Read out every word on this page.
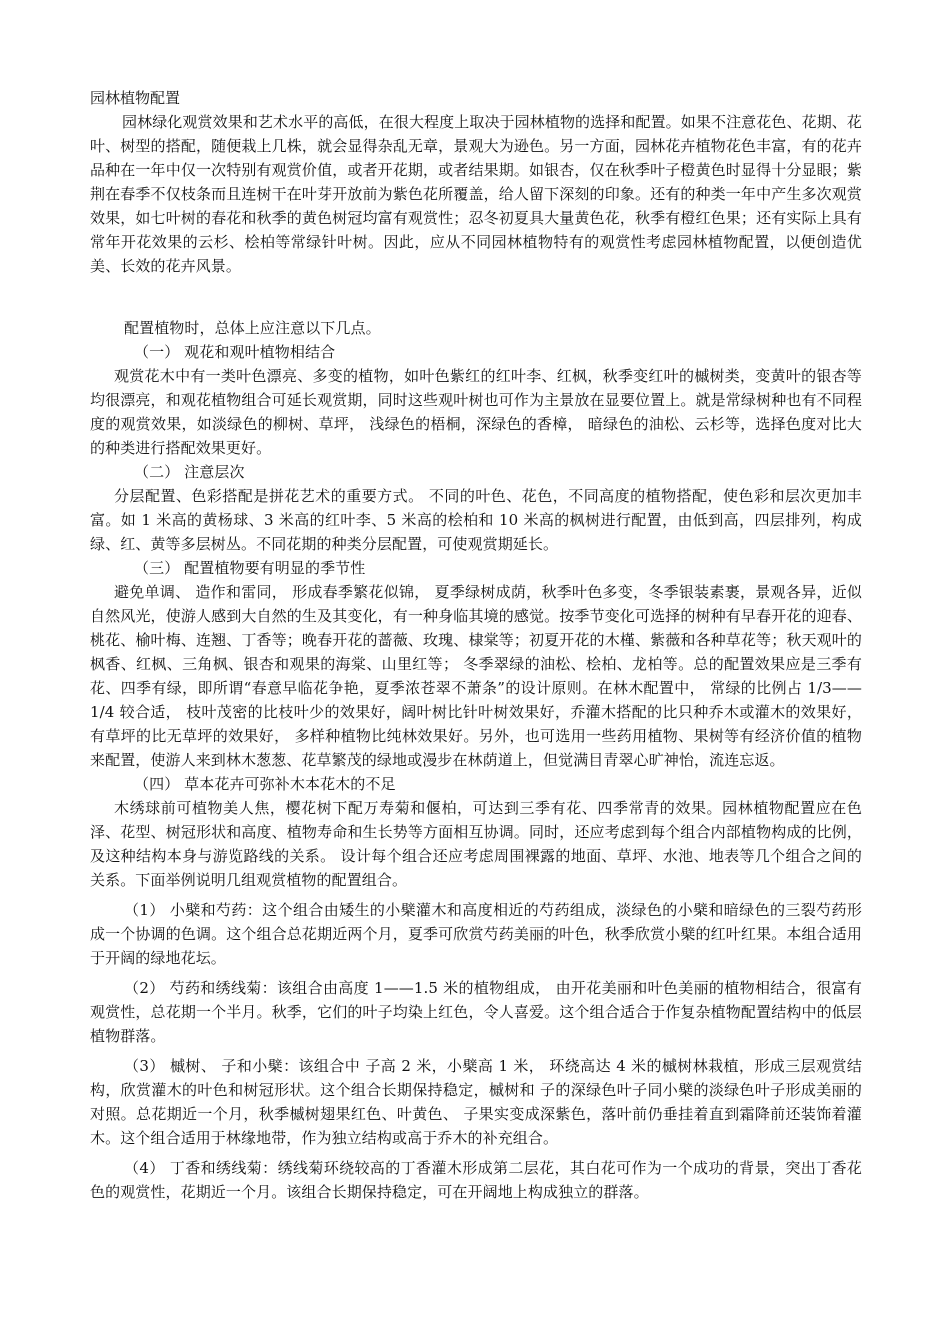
园林植物配置

园林绿化观赏效果和艺术水平的高低，在很大程度上取决于园林植物的选择和配置。如果不注意花色、花期、花叶、树型的搭配，随便栽上几株，就会显得杂乱无章，景观大为逊色。另一方面，园林花卉植物花色丰富，有的花卉品种在一年中仅一次特别有观赏价值，或者开花期，或者结果期。如银杏，仅在秋季叶子橙黄色时显得十分显眼；紫荆在春季不仅枝条而且连树干在叶芽开放前为紫色花所覆盖，给人留下深刻的印象。还有的种类一年中产生多次观赏效果，如七叶树的春花和秋季的黄色树冠均富有观赏性；忍冬初夏具大量黄色花，秋季有橙红色果；还有实际上具有常年开花效果的云杉、桧柏等常绿针叶树。因此，应从不同园林植物特有的观赏性考虑园林植物配置，以便创造优美、长效的花卉风景。

配置植物时，总体上应注意以下几点。

（一） 观花和观叶植物相结合

观赏花木中有一类叶色漂亮、多变的植物，如叶色紫红的红叶李、红枫，秋季变红叶的槭树类，变黄叶的银杏等均很漂亮，和观花植物组合可延长观赏期，同时这些观叶树也可作为主景放在显要位置上。就是常绿树种也有不同程度的观赏效果，如淡绿色的柳树、草坪， 浅绿色的梧桐，深绿色的香樟， 暗绿色的油松、云杉等，选择色度对比大的种类进行搭配效果更好。

（二） 注意层次

分层配置、色彩搭配是拼花艺术的重要方式。 不同的叶色、花色，不同高度的植物搭配，使色彩和层次更加丰富。如 1 米高的黄杨球、3 米高的红叶李、5 米高的桧柏和 10 米高的枫树进行配置，由低到高，四层排列，构成绿、红、黄等多层树丛。不同花期的种类分层配置，可使观赏期延长。

（三） 配置植物要有明显的季节性

避免单调、 造作和雷同， 形成春季繁花似锦， 夏季绿树成荫，秋季叶色多变，冬季银装素裹，景观各异，近似自然风光，使游人感到大自然的生及其变化，有一种身临其境的感觉。按季节变化可选择的树种有早春开花的迎春、桃花、榆叶梅、连翘、丁香等；晚春开花的蔷薇、玫瑰、棣棠等；初夏开花的木槿、紫薇和各种草花等；秋天观叶的枫香、红枫、三角枫、银杏和观果的海棠、山里红等； 冬季翠绿的油松、桧柏、龙柏等。总的配置效果应是三季有花、四季有绿，即所谓“春意早临花争艳，夏季浓苍翠不萧条”的设计原则。在林木配置中， 常绿的比例占 1/3——1/4 较合适， 枝叶茂密的比枝叶少的效果好，阔叶树比针叶树效果好，乔灌木搭配的比只种乔木或灌木的效果好，有草坪的比无草坪的效果好， 多样种植物比纯林效果好。另外，也可选用一些药用植物、果树等有经济价值的植物来配置，使游人来到林木葱葱、花草繁茂的绿地或漫步在林荫道上，但觉满目青翠心旷神怡，流连忘返。

（四） 草本花卉可弥补木本花木的不足

木绣球前可植物美人焦，樱花树下配万寿菊和偃柏，可达到三季有花、四季常青的效果。园林植物配置应在色泽、花型、树冠形状和高度、植物寿命和生长势等方面相互协调。同时，还应考虑到每个组合内部植物构成的比例，及这种结构本身与游览路线的关系。 设计每个组合还应考虑周围裸露的地面、草坪、水池、地表等几个组合之间的关系。下面举例说明几组观赏植物的配置组合。

（1） 小檗和芍药：这个组合由矮生的小檗灌木和高度相近的芍药组成，淡绿色的小檗和暗绿色的三裂芍药形成一个协调的色调。这个组合总花期近两个月，夏季可欣赏芍药美丽的叶色，秋季欣赏小檗的红叶红果。本组合适用于开阔的绿地花坛。

（2） 芍药和绣线菊：该组合由高度 1——1.5 米的植物组成， 由开花美丽和叶色美丽的植物相结合，很富有观赏性，总花期一个半月。秋季，它们的叶子均染上红色，令人喜爱。这个组合适合于作复杂植物配置结构中的低层植物群落。

（3） 槭树、 子和小檗：该组合中 子高 2 米，小檗高 1 米， 环绕高达 4 米的槭树林栽植，形成三层观赏结构，欣赏灌木的叶色和树冠形状。这个组合长期保持稳定，槭树和 子的深绿色叶子同小檗的淡绿色叶子形成美丽的对照。总花期近一个月，秋季槭树翅果红色、叶黄色、 子果实变成深紫色，落叶前仍垂挂着直到霜降前还装饰着灌木。这个组合适用于林缘地带，作为独立结构或高于乔木的补充组合。

（4） 丁香和绣线菊：绣线菊环绕较高的丁香灌木形成第二层花，其白花可作为一个成功的背景，突出丁香花色的观赏性，花期近一个月。该组合长期保持稳定，可在开阔地上构成独立的群落。
